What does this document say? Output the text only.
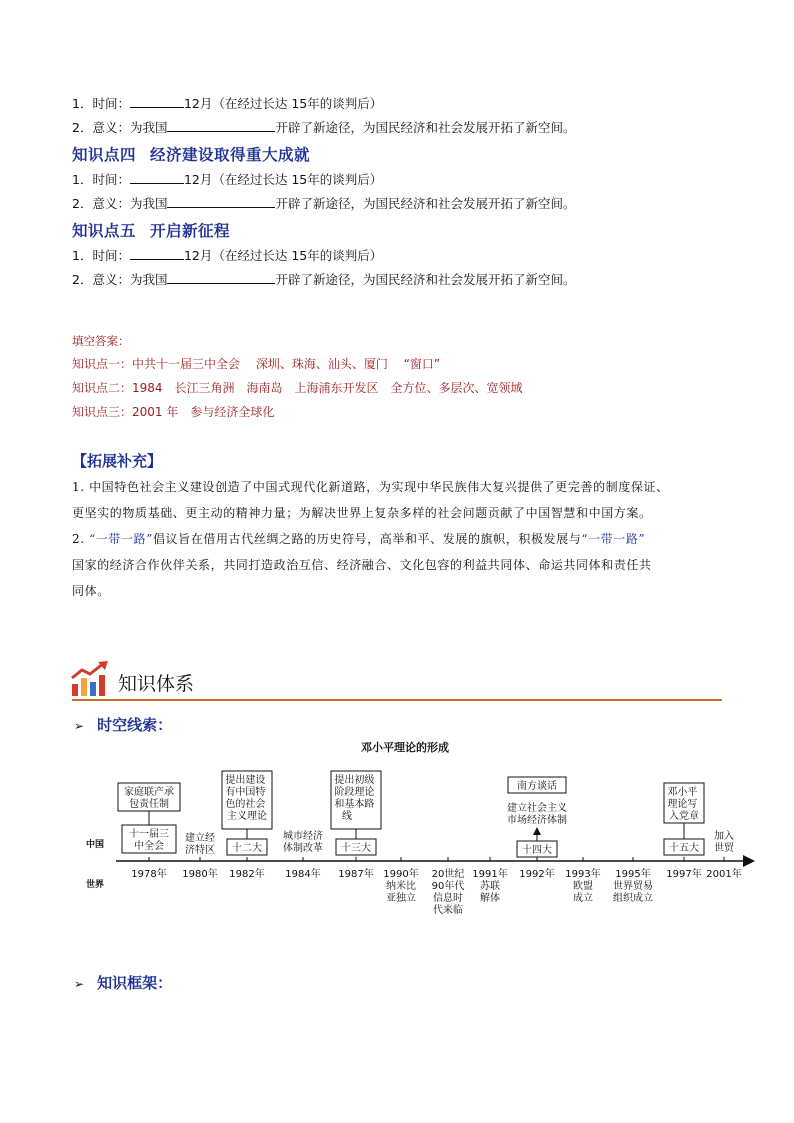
1．时间：	12月（在经过长达 15年的谈判后）
2．意义：为我国	开辟了新途径，为国民经济和社会发展开拓了新空间。
知识点四 经济建设取得重大成就
1．时间：	12月（在经过长达 15年的谈判后）
2．意义：为我国	开辟了新途径，为国民经济和社会发展开拓了新空间。
知识点五 开启新征程
1．时间：	12月（在经过长达 15年的谈判后）
2．意义：为我国	开辟了新途径，为国民经济和社会发展开拓了新空间。
填空答案：
知识点一：中共十一届三中全会　 深圳、珠海、汕头、厦门　 “窗口”
知识点二：1984　长江三角洲　海南岛　上海浦东开发区　全方位、多层次、宽领域
知识点三：2001 年　参与经济全球化
【拓展补充】
1. 中国特色社会主义建设创造了中国式现代化新道路，为实现中华民族伟大复兴提供了更完善的制度保证、
更坚实的物质基础、更主动的精神力量；为解决世界上复杂多样的社会问题贡献了中国智慧和中国方案。
2. “一带一路”倡议旨在借用古代丝绸之路的历史符号，高举和平、发展的旗帜，积极发展与“一带一路”
国家的经济合作伙伴关系，共同打造政治互信、经济融合、文化包容的利益共同体、命运共同体和责任共
同体。
知识体系
➢ 时空线索：
邓小平理论的形成
中国
世界
1978年 1980年 1982年 1984年 1987年 1990年 20世纪 1991年 1992年 1993年 1995年 1997年 2001年
家庭联产承包责任制
十一届三中全会
建立经济特区
提出建设 有中国特 色的社会 主义理论
十二大
城市经济体制改革
提出初级 阶段理论 和基本路 线
十三大
南方谈话
建立社会主义市场经济体制
十四大
邓小平 理论写 入党章
十五大
加入世贸
纳米比亚独立
90年代信息时代来临
苏联解体
欧盟成立
世界贸易组织成立
➢ 知识框架：
